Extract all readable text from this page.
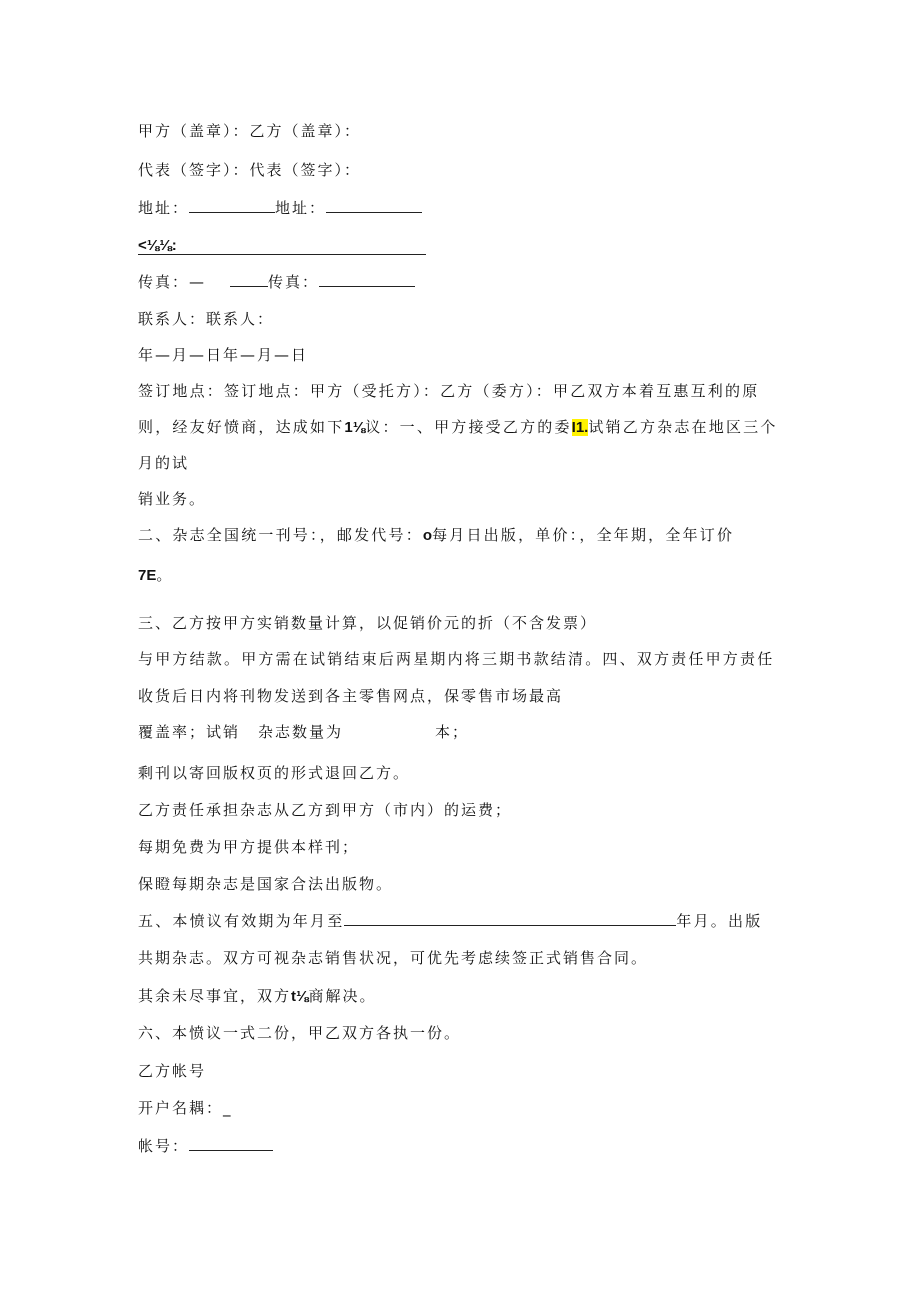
甲方（盖章）：乙方（盖章）：
代表（签字）：代表（签字）：
地址：	地址：
<⅛⅛:
传真：—	传真：
联系人：联系人：
年—月—日年—月—日
签订地点：签订地点：甲方（受托方）：乙方（委方）：甲乙双方本着互惠互利的原
则，经友好愤商，达成如下1⅛议：一、甲方接受乙方的委I1.试销乙方杂志在地区三个
月的试
销业务。
二、杂志全国统一刊号：，邮发代号：o每月日出版，单价：，全年期，全年订价
7E。
三、乙方按甲方实销数量计算，以促销价元的折（不含发票）
与甲方结款。甲方需在试销结束后两星期内将三期书款结清。四、双方责任甲方责任
收货后日内将刊物发送到各主零售网点，保零售市场最高
覆盖率；试销 杂志数量为	本；
剩刊以寄回版权页的形式退回乙方。
乙方责任承担杂志从乙方到甲方（市内）的运费；
每期免费为甲方提供本样刊；
保瞪每期杂志是国家合法出版物。
五、本愤议有效期为年月至	年月。出版
共期杂志。双方可视杂志销售状况，可优先考虑续签正式销售合同。
其余未尽事宜，双方t⅛商解决。
六、本愤议一式二份，甲乙双方各执一份。
乙方帐号
开户名耦：_
帐号：
